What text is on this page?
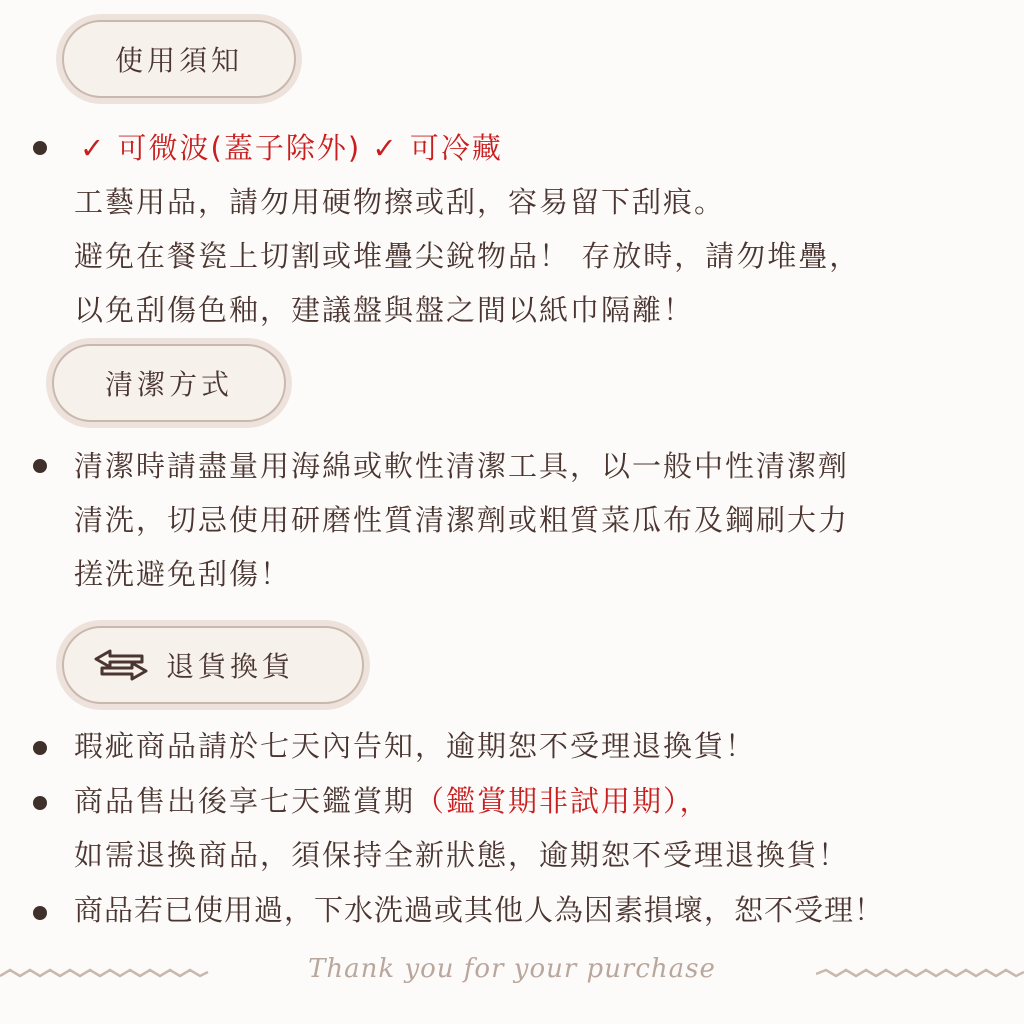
使用須知
✓ 可微波(蓋子除外) ✓ 可冷藏
工藝用品，請勿用硬物擦或刮，容易留下刮痕。
避免在餐瓷上切割或堆疊尖銳物品！ 存放時，請勿堆疊，
以免刮傷色釉，建議盤與盤之間以紙巾隔離！
清潔方式
清潔時請盡量用海綿或軟性清潔工具，以一般中性清潔劑
清洗，切忌使用研磨性質清潔劑或粗質菜瓜布及鋼刷大力
搓洗避免刮傷！
退貨換貨
瑕疵商品請於七天內告知，逾期恕不受理退換貨！
商品售出後享七天鑑賞期（鑑賞期非試用期），
如需退換商品，須保持全新狀態，逾期恕不受理退換貨！
商品若已使用過，下水洗過或其他人為因素損壞，恕不受理！
Thank you for your purchase
